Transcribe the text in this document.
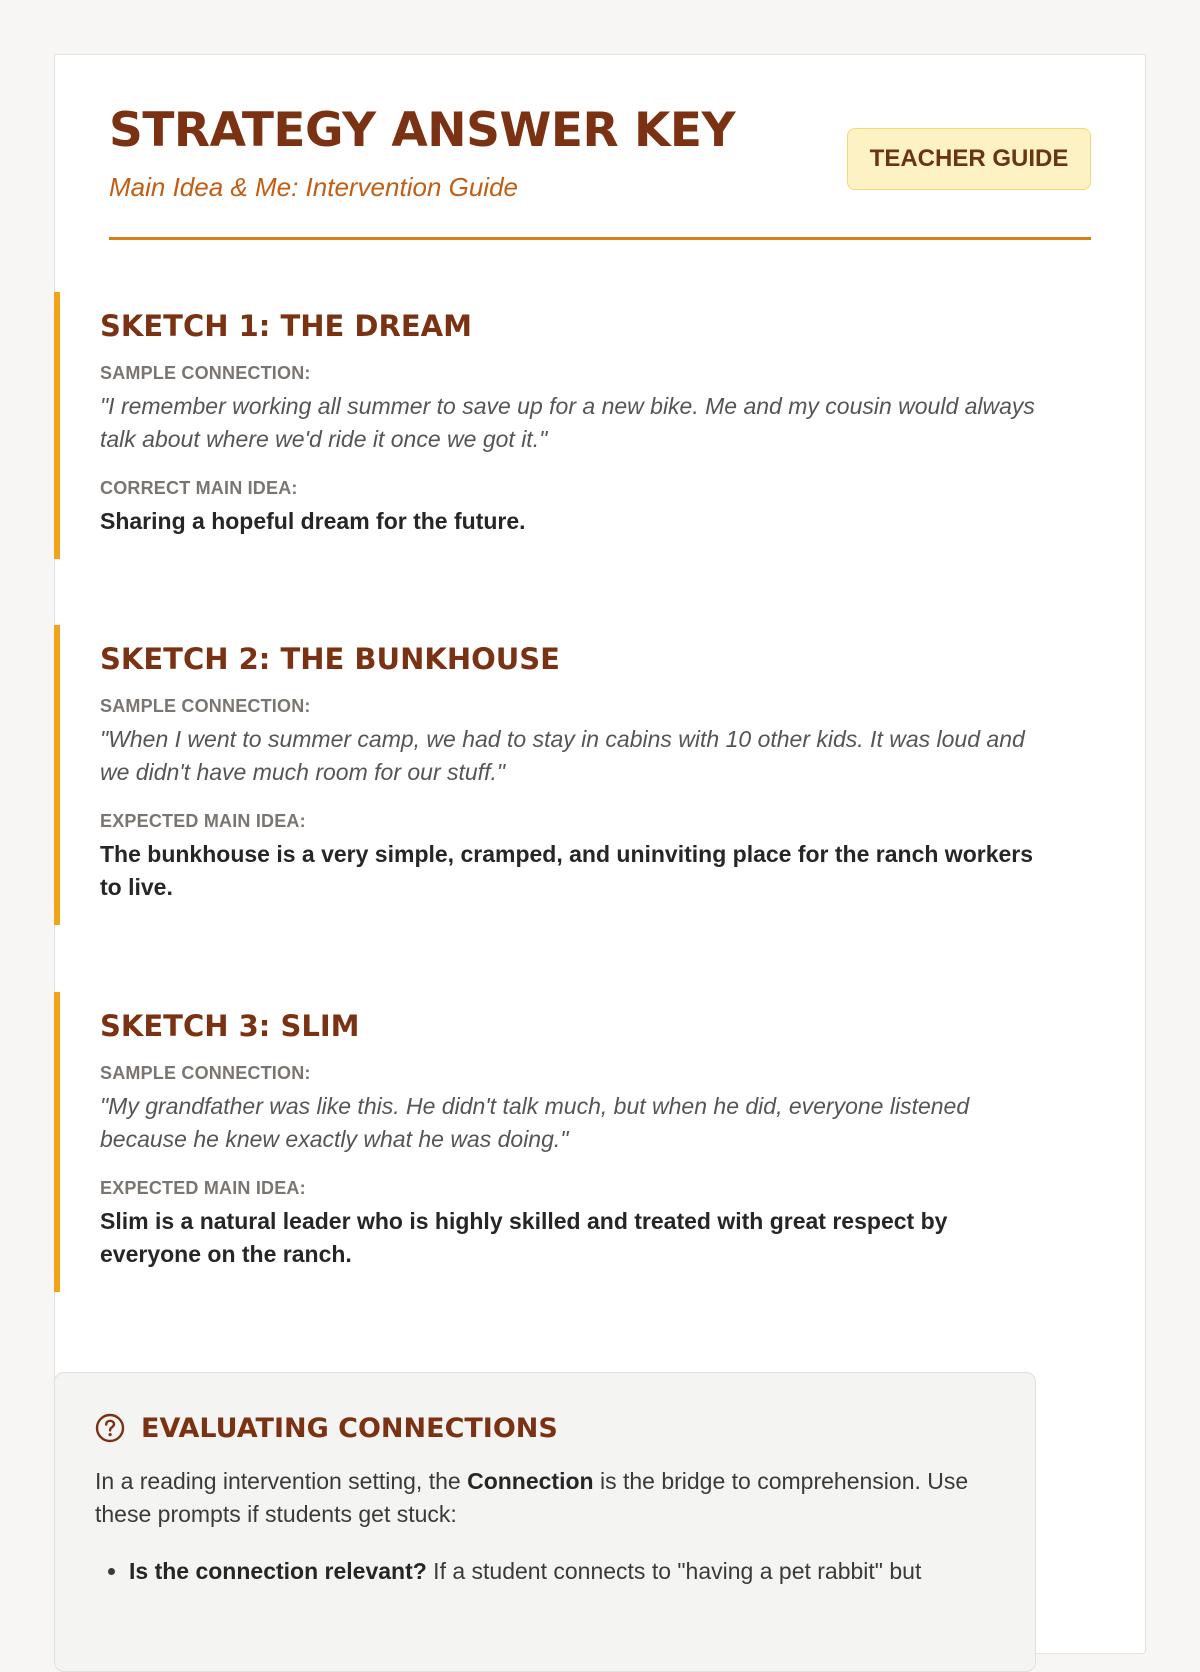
STRATEGY ANSWER KEY

Main Idea & Me: Intervention Guide

TEACHER GUIDE
SKETCH 1: THE DREAM

SAMPLE CONNECTION:

"I remember working all summer to save up for a new bike. Me and my cousin would always talk about where we'd ride it once we got it."

CORRECT MAIN IDEA:

Sharing a hopeful dream for the future.

SKETCH 2: THE BUNKHOUSE

SAMPLE CONNECTION:

"When I went to summer camp, we had to stay in cabins with 10 other kids. It was loud and we didn't have much room for our stuff."

EXPECTED MAIN IDEA:

The bunkhouse is a very simple, cramped, and uninviting place for the ranch workers to live.

SKETCH 3: SLIM

SAMPLE CONNECTION:

"My grandfather was like this. He didn't talk much, but when he did, everyone listened because he knew exactly what he was doing."

EXPECTED MAIN IDEA:

Slim is a natural leader who is highly skilled and treated with great respect by everyone on the ranch.

EVALUATING CONNECTIONS

In a reading intervention setting, the Connection is the bridge to comprehension. Use these prompts if students get stuck:

• Is the connection relevant? If a student connects to "having a pet rabbit" but
